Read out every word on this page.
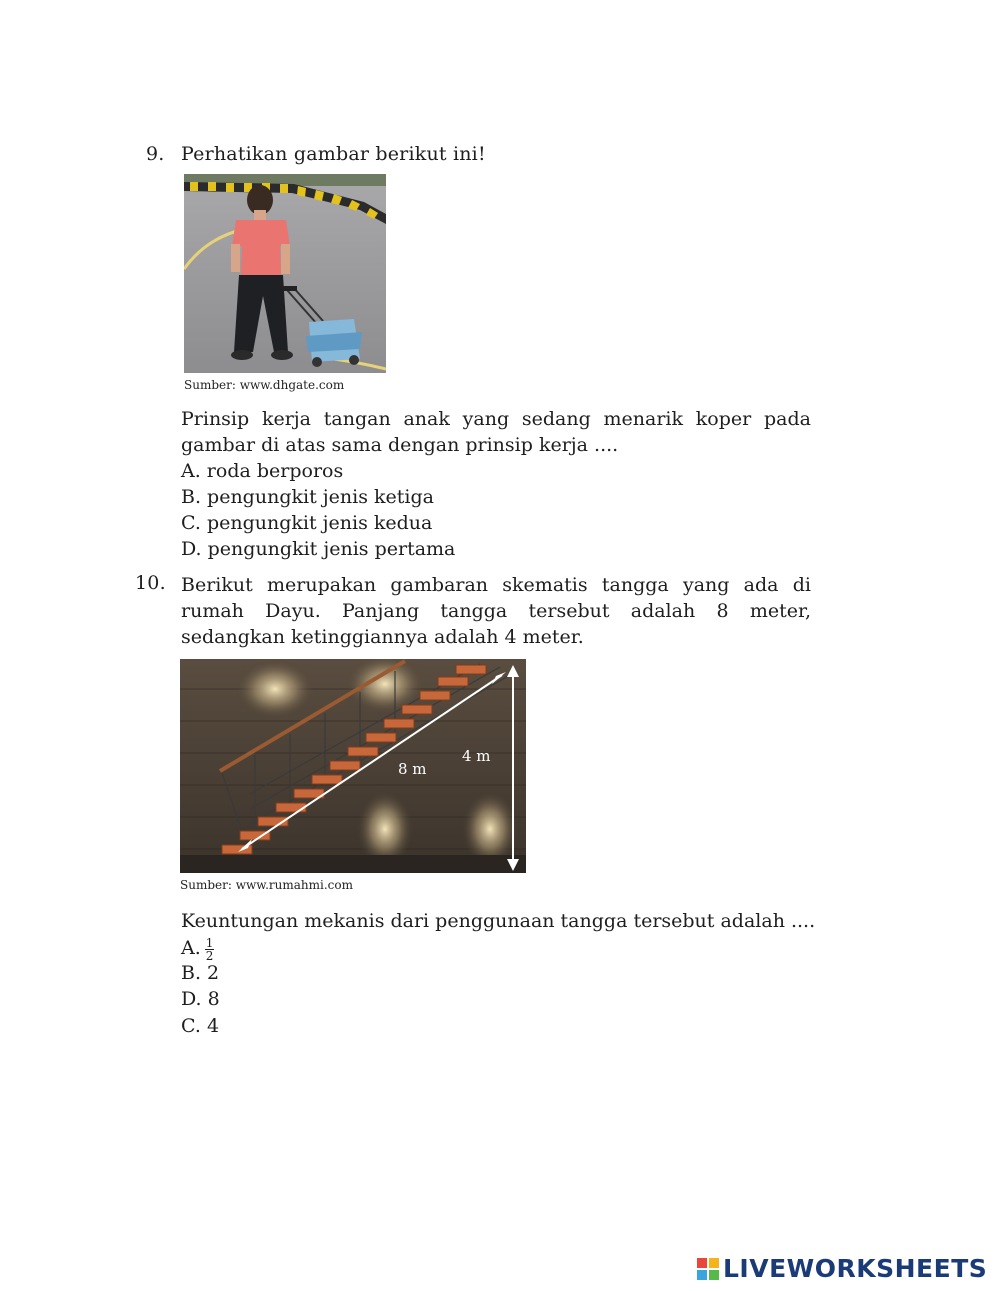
9. Perhatikan gambar berikut ini!
Sumber: www.dhgate.com
Prinsip kerja tangan anak yang sedang menarik koper pada gambar di atas sama dengan prinsip kerja ....
A. roda berporos
B. pengungkit jenis ketiga
C. pengungkit jenis kedua
D. pengungkit jenis pertama
10. Berikut merupakan gambaran skematis tangga yang ada di rumah Dayu. Panjang tangga tersebut adalah 8 meter, sedangkan ketinggiannya adalah 4 meter.
8 m
4 m
Sumber: www.rumahmi.com
Keuntungan mekanis dari penggunaan tangga tersebut adalah ....
A. $\frac{1}{2}$
B. 2
D. 8
C. 4
LIVEWORKSHEETS
